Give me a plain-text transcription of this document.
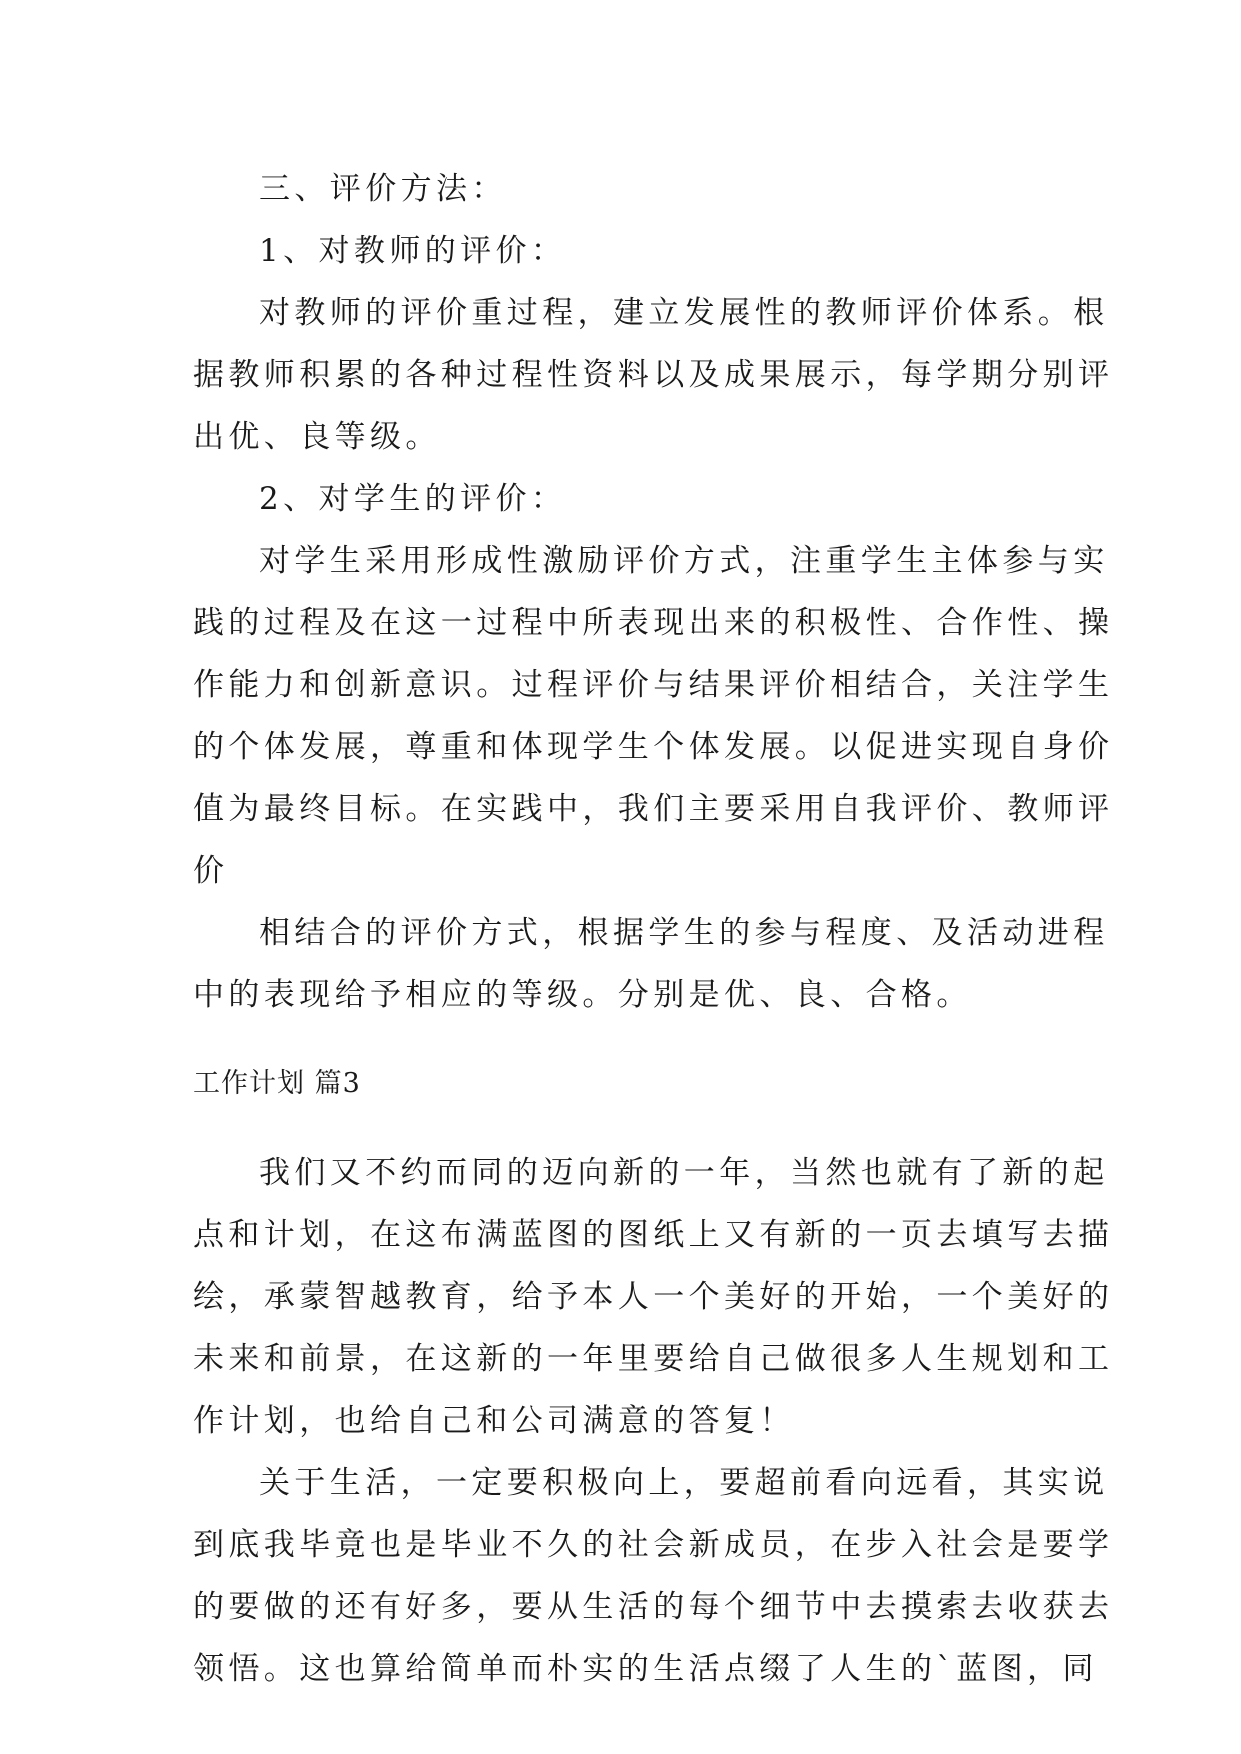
三、评价方法：

1、对教师的评价：

对教师的评价重过程，建立发展性的教师评价体系。根

据教师积累的各种过程性资料以及成果展示，每学期分别评

出优、良等级。

2、对学生的评价：

对学生采用形成性激励评价方式，注重学生主体参与实

践的过程及在这一过程中所表现出来的积极性、合作性、操

作能力和创新意识。过程评价与结果评价相结合，关注学生

的个体发展，尊重和体现学生个体发展。以促进实现自身价

值为最终目标。在实践中，我们主要采用自我评价、教师评

价

相结合的评价方式，根据学生的参与程度、及活动进程

中的表现给予相应的等级。分别是优、良、合格。

工作计划 篇3

我们又不约而同的迈向新的一年，当然也就有了新的起

点和计划，在这布满蓝图的图纸上又有新的一页去填写去描

绘，承蒙智越教育，给予本人一个美好的开始，一个美好的

未来和前景，在这新的一年里要给自己做很多人生规划和工

作计划，也给自己和公司满意的答复！

关于生活，一定要积极向上，要超前看向远看，其实说

到底我毕竟也是毕业不久的社会新成员，在步入社会是要学

的要做的还有好多，要从生活的每个细节中去摸索去收获去

领悟。这也算给简单而朴实的生活点缀了人生的`蓝图，同
